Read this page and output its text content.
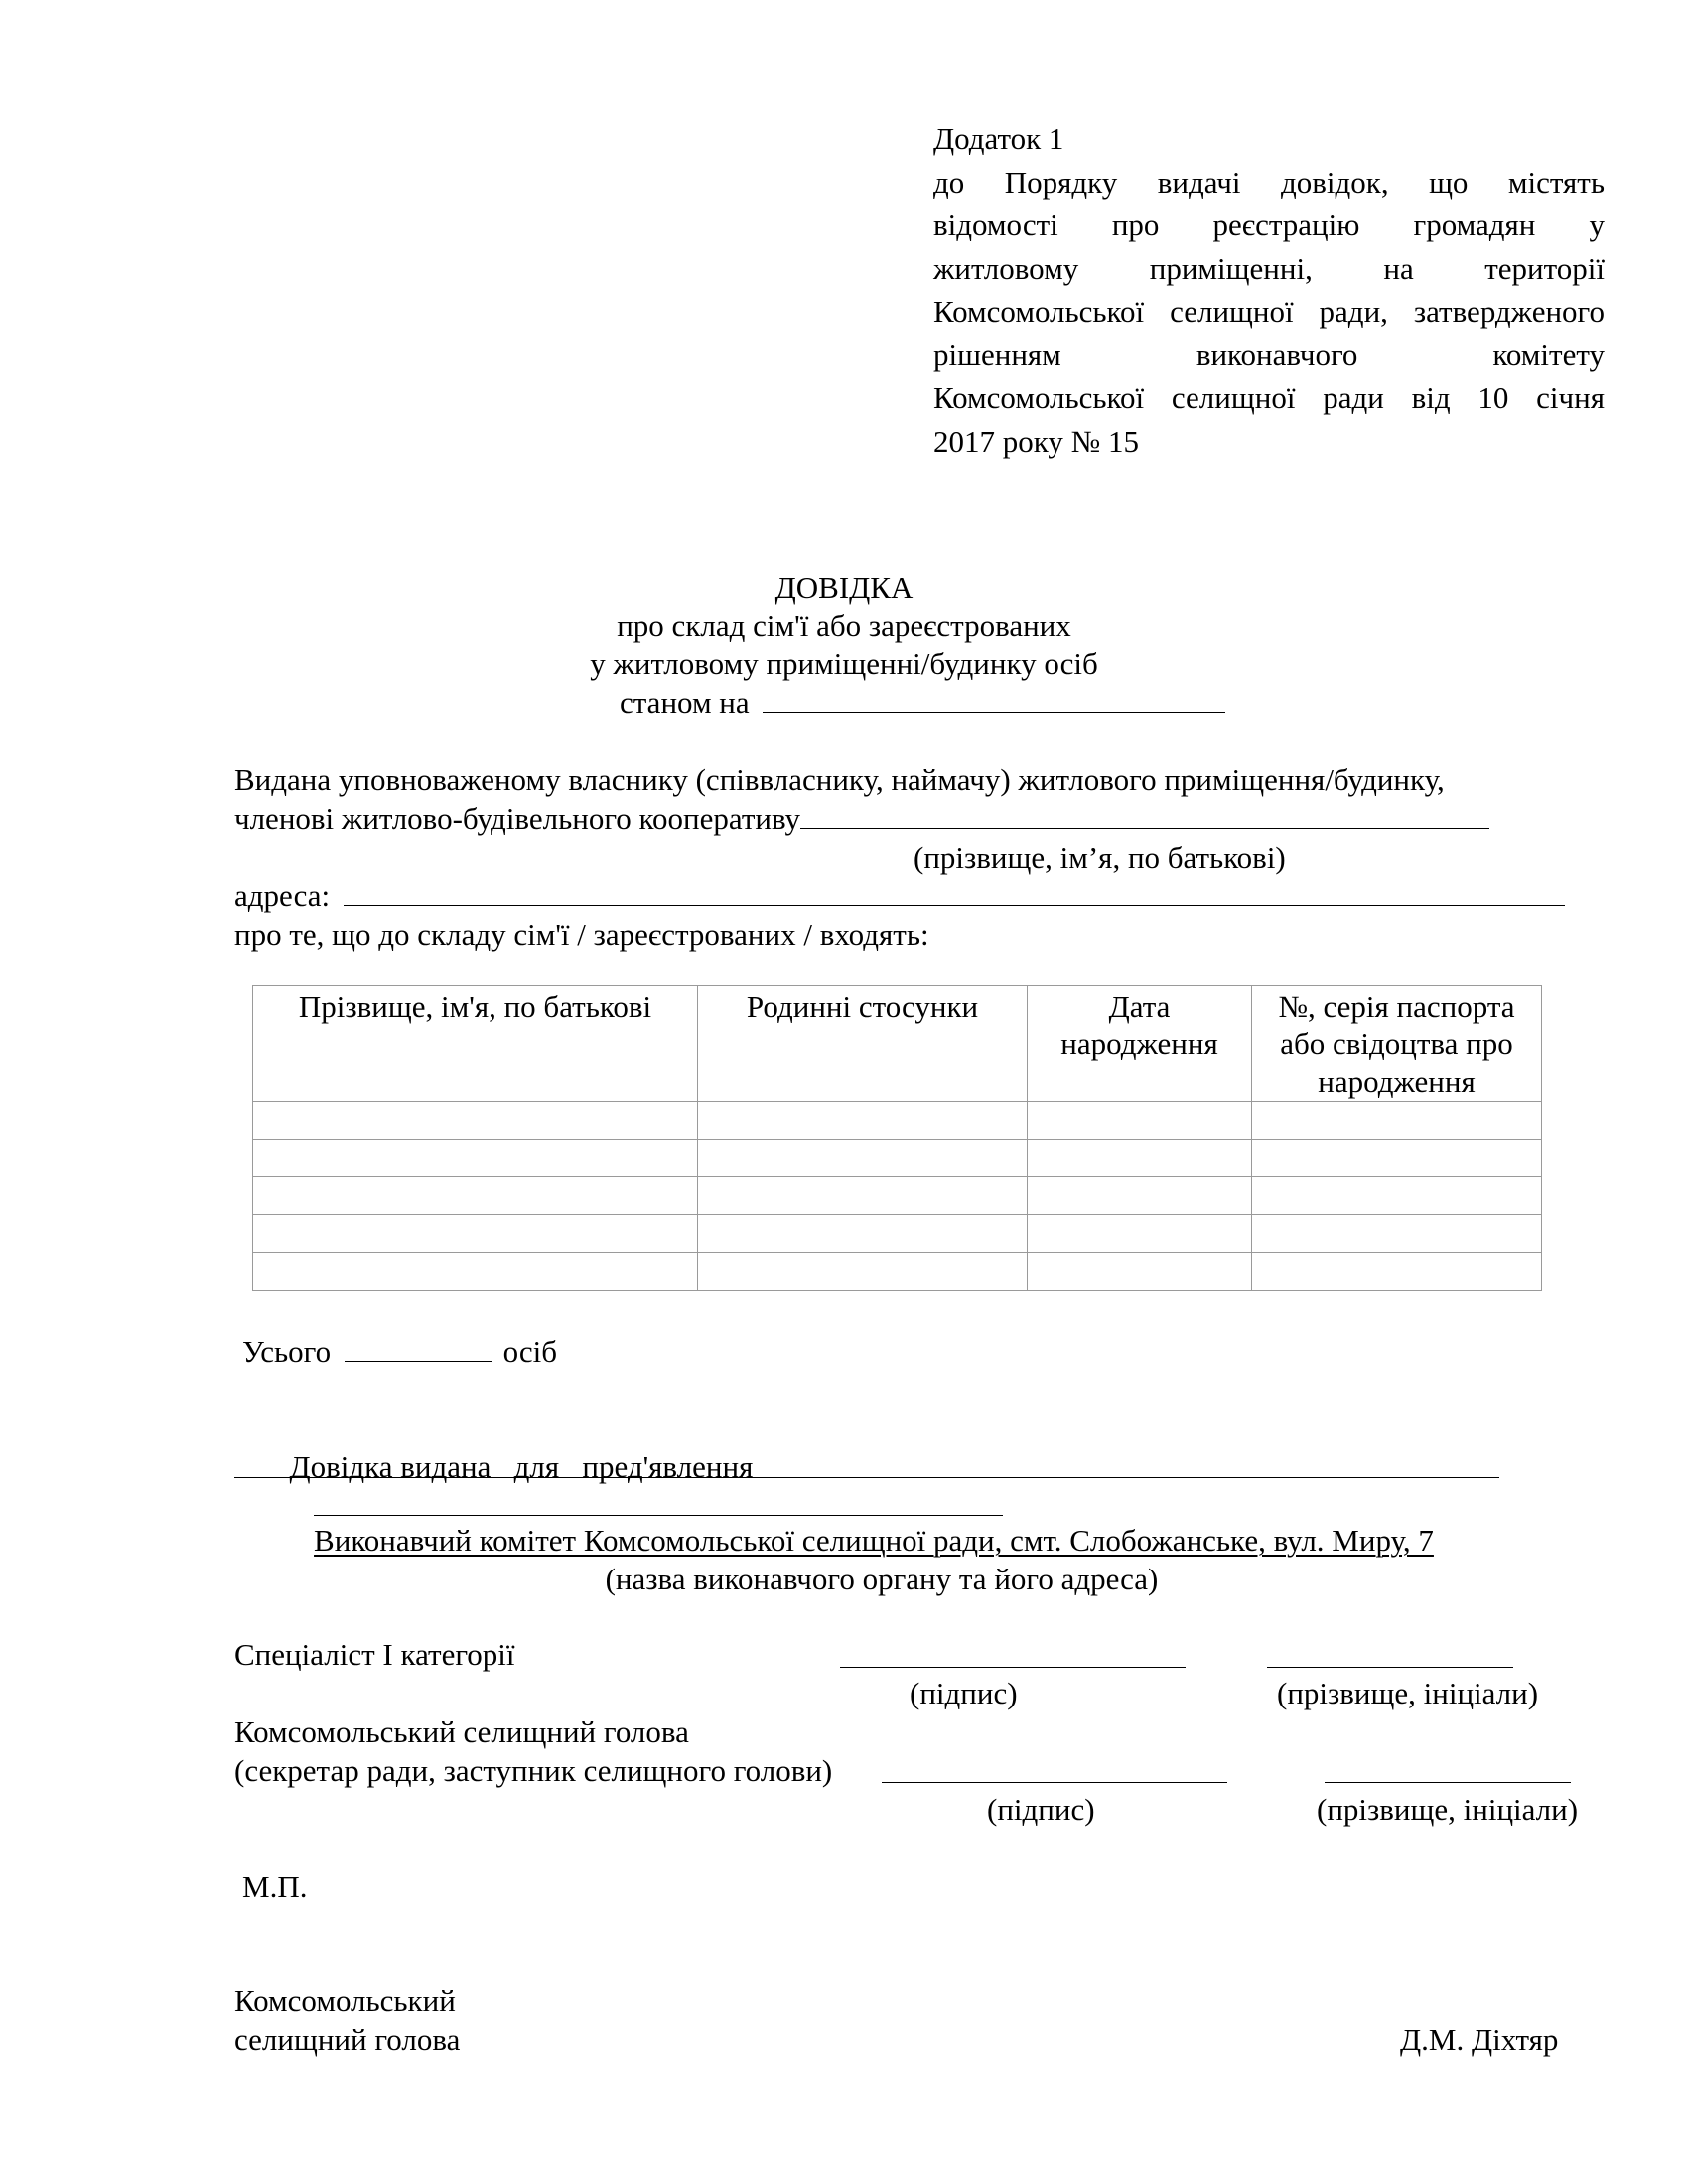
Додаток 1
до Порядку видачі довідок, що містять
відомості про реєстрацію громадян у
житловому приміщенні, на території
Комсомольської селищної ради, затвердженого
рішенням виконавчого комітету
Комсомольської селищної ради від 10 січня
2017 року № 15
ДОВІДКА
про склад сім'ї або зареєстрованих
у житловому приміщенні/будинку осіб
станом на
Видана уповноваженому власнику (співвласнику, наймачу) житлового приміщення/будинку,
членові житлово-будівельного кооперативу
(прізвище, ім’я, по батькові)
адреса:
про те, що до складу сім'ї / зареєстрованих / входять:
Прізвище, ім'я, по батькові	Родинні стосунки	Дата народження	№, серія паспорта або свідоцтва про народження

Усього	осіб

Довідка видана   для   пред'явлення

Виконавчий комітет Комсомольської селищної ради, смт. Слобожанське, вул. Миру, 7
(назва виконавчого органу та його адреса)
Спеціаліст І категорії
(підпис)	(прізвище, ініціали)
Комсомольський селищний голова
(секретар ради, заступник селищного голови)
(підпис)	(прізвище, ініціали)
М.П.
Комсомольський
селищний голова	Д.М. Діхтяр
